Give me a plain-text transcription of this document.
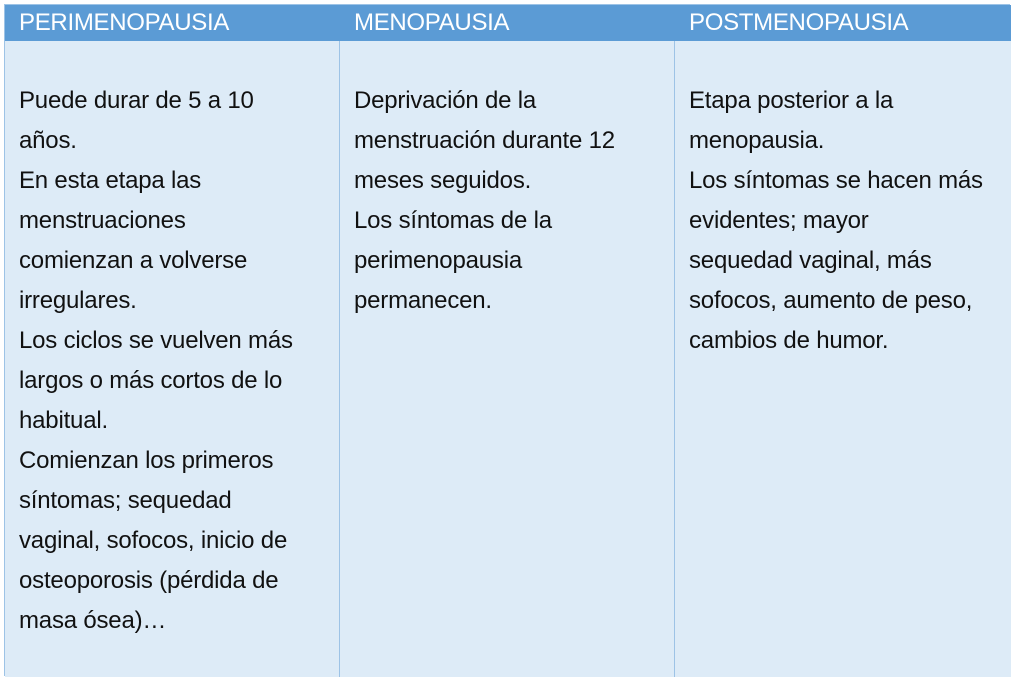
PERIMENOPAUSIA	MENOPAUSIA	POSTMENOPAUSIA

Puede durar de 5 a 10
años.
En esta etapa las
menstruaciones
comienzan a volverse
irregulares.
Los ciclos se vuelven más
largos o más cortos de lo
habitual.
Comienzan los primeros
síntomas; sequedad
vaginal, sofocos, inicio de
osteoporosis (pérdida de
masa ósea)…

Deprivación de la
menstruación durante 12
meses seguidos.
Los síntomas de la
perimenopausia
permanecen.

Etapa posterior a la
menopausia.
Los síntomas se hacen más
evidentes; mayor
sequedad vaginal, más
sofocos, aumento de peso,
cambios de humor.
